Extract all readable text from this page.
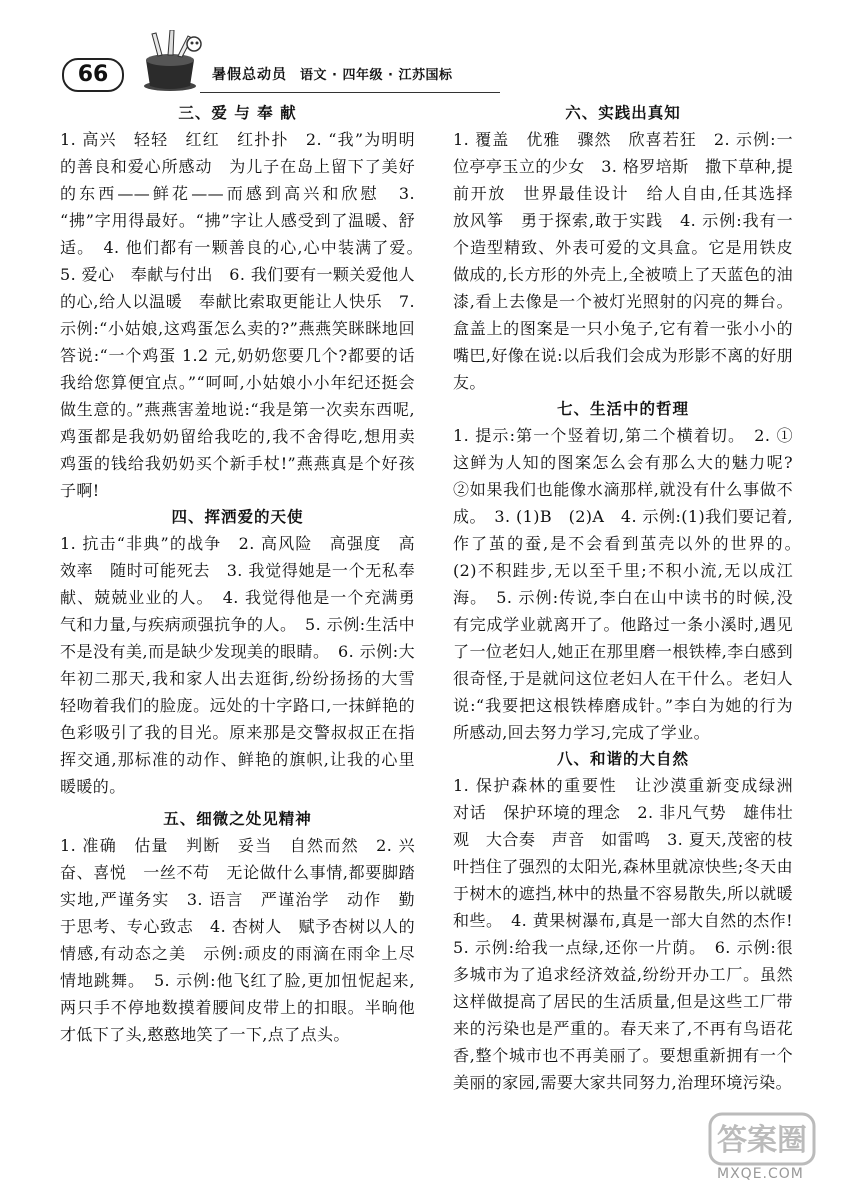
66	暑假总动员 语文 · 四年级 · 江苏国标
三、爱 与 奉 献

1. 高兴　轻轻　红红　红扑扑　2. “我”为明明的善良和爱心所感动　为儿子在岛上留下了美好的东西——鲜花——而感到高兴和欣慰　3. “拂”字用得最好。“拂”字让人感受到了温暖、舒适。　4. 他们都有一颗善良的心,心中装满了爱。　5. 爱心　奉献与付出　6. 我们要有一颗关爱他人的心,给人以温暖　奉献比索取更能让人快乐　7. 示例:“小姑娘,这鸡蛋怎么卖的?”燕燕笑眯眯地回答说:“一个鸡蛋 1.2 元,奶奶您要几个?都要的话我给您算便宜点。”“呵呵,小姑娘小小年纪还挺会做生意的。”燕燕害羞地说:“我是第一次卖东西呢,鸡蛋都是我奶奶留给我吃的,我不舍得吃,想用卖鸡蛋的钱给我奶奶买个新手杖!”燕燕真是个好孩子啊!

四、挥洒爱的天使

1. 抗击“非典”的战争　2. 高风险　高强度　高效率　随时可能死去　3. 我觉得她是一个无私奉献、兢兢业业的人。　4. 我觉得他是一个充满勇气和力量,与疾病顽强抗争的人。　5. 示例:生活中不是没有美,而是缺少发现美的眼睛。　6. 示例:大年初二那天,我和家人出去逛街,纷纷扬扬的大雪轻吻着我们的脸庞。远处的十字路口,一抹鲜艳的色彩吸引了我的目光。原来那是交警叔叔正在指挥交通,那标准的动作、鲜艳的旗帜,让我的心里暖暖的。

五、细微之处见精神

1. 准确　估量　判断　妥当　自然而然　2. 兴奋、喜悦　一丝不苟　无论做什么事情,都要脚踏实地,严谨务实　3. 语言　严谨治学　动作　勤于思考、专心致志　4. 杏树人　赋予杏树以人的情感,有动态之美　示例:顽皮的雨滴在雨伞上尽情地跳舞。　5. 示例:他飞红了脸,更加忸怩起来,两只手不停地数摸着腰间皮带上的扣眼。半晌他才低下了头,憨憨地笑了一下,点了点头。

六、实践出真知

1. 覆盖　优雅　骤然　欣喜若狂　2. 示例:一位亭亭玉立的少女　3. 格罗培斯　撒下草种,提前开放　世界最佳设计　给人自由,任其选择　放风筝　勇于探索,敢于实践　4. 示例:我有一个造型精致、外表可爱的文具盒。它是用铁皮做成的,长方形的外壳上,全被喷上了天蓝色的油漆,看上去像是一个被灯光照射的闪亮的舞台。盒盖上的图案是一只小兔子,它有着一张小小的嘴巴,好像在说:以后我们会成为形影不离的好朋友。

七、生活中的哲理

1. 提示:第一个竖着切,第二个横着切。　2. ①这鲜为人知的图案怎么会有那么大的魅力呢?　②如果我们也能像水滴那样,就没有什么事做不成。　3. (1)B　(2)A　4. 示例:(1)我们要记着,作了茧的蚕,是不会看到茧壳以外的世界的。　(2)不积跬步,无以至千里;不积小流,无以成江海。　5. 示例:传说,李白在山中读书的时候,没有完成学业就离开了。他路过一条小溪时,遇见了一位老妇人,她正在那里磨一根铁棒,李白感到很奇怪,于是就问这位老妇人在干什么。老妇人说:“我要把这根铁棒磨成针。”李白为她的行为所感动,回去努力学习,完成了学业。

八、和谐的大自然

1. 保护森林的重要性　让沙漠重新变成绿洲　对话　保护环境的理念　2. 非凡气势　雄伟壮观　大合奏　声音　如雷鸣　3. 夏天,茂密的枝叶挡住了强烈的太阳光,森林里就凉快些;冬天由于树木的遮挡,林中的热量不容易散失,所以就暖和些。　4. 黄果树瀑布,真是一部大自然的杰作!　5. 示例:给我一点绿,还你一片荫。　6. 示例:很多城市为了追求经济效益,纷纷开办工厂。虽然这样做提高了居民的生活质量,但是这些工厂带来的污染也是严重的。春天来了,不再有鸟语花香,整个城市也不再美丽了。要想重新拥有一个美丽的家园,需要大家共同努力,治理环境污染。

答案圈
MXQE.COM
